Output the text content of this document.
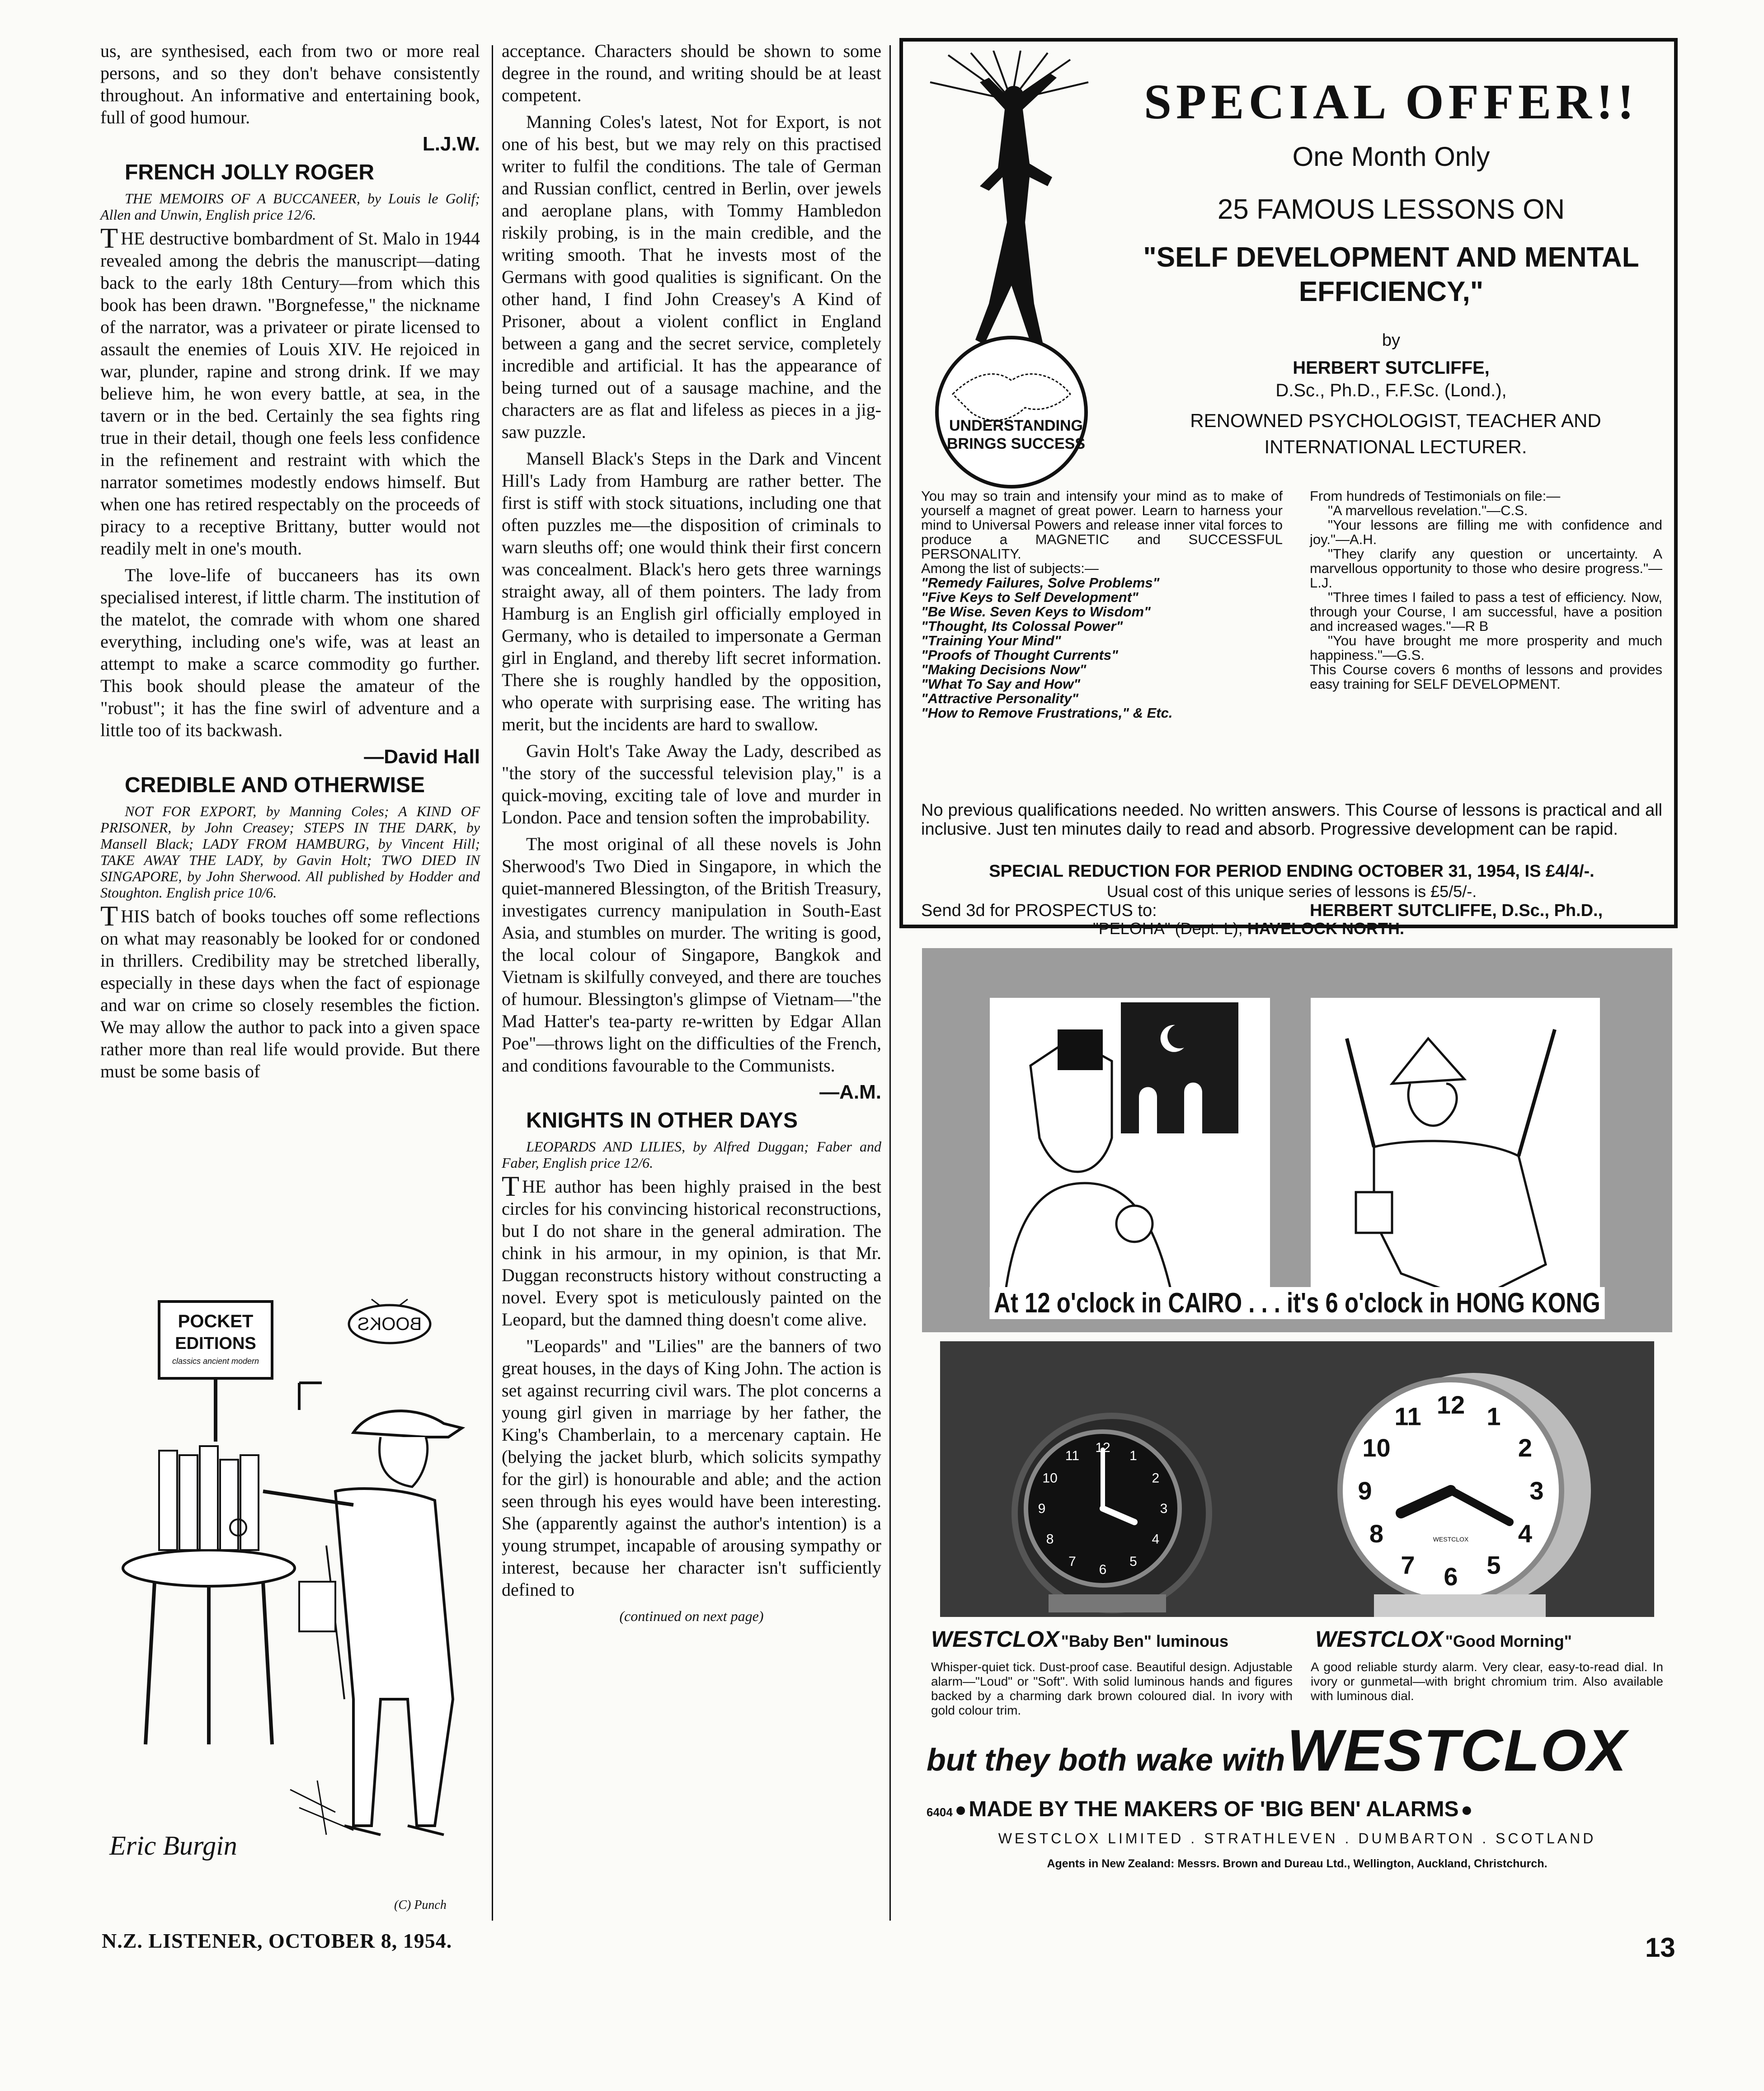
us, are synthesised, each from two or more real persons, and so they don't behave consistently throughout. An informative and entertaining book, full of good humour.

L.J.W.

FRENCH JOLLY ROGER

THE MEMOIRS OF A BUCCANEER, by Louis le Golif; Allen and Unwin, English price 12/6.

THE destructive bombardment of St. Malo in 1944 revealed among the debris the manuscript—dating back to the early 18th Century—from which this book has been drawn. "Borgnefesse," the nickname of the narrator, was a privateer or pirate licensed to assault the enemies of Louis XIV. He rejoiced in war, plunder, rapine and strong drink. If we may believe him, he won every battle, at sea, in the tavern or in the bed. Certainly the sea fights ring true in their detail, though one feels less confidence in the refinement and restraint with which the narrator sometimes modestly endows himself. But when one has retired respectably on the proceeds of piracy to a receptive Brittany, butter would not readily melt in one's mouth.

The love-life of buccaneers has its own specialised interest, if little charm. The institution of the matelot, the comrade with whom one shared everything, including one's wife, was at least an attempt to make a scarce commodity go further. This book should please the amateur of the "robust"; it has the fine swirl of adventure and a little too of its backwash.

—David Hall

CREDIBLE AND OTHERWISE

NOT FOR EXPORT, by Manning Coles; A KIND OF PRISONER, by John Creasey; STEPS IN THE DARK, by Mansell Black; LADY FROM HAMBURG, by Vincent Hill; TAKE AWAY THE LADY, by Gavin Holt; TWO DIED IN SINGAPORE, by John Sherwood. All published by Hodder and Stoughton. English price 10/6.

THIS batch of books touches off some reflections on what may reasonably be looked for or condoned in thrillers. Credibility may be stretched liberally, especially in these days when the fact of espionage and war on crime so closely resembles the fiction. We may allow the author to pack into a given space rather more than real life would provide. But there must be some basis of

POCKET
EDITIONS
classics ancient modern
BOOKS
Eric Burgin
(C) Punch

acceptance. Characters should be shown to some degree in the round, and writing should be at least competent.

Manning Coles's latest, Not for Export, is not one of his best, but we may rely on this practised writer to fulfil the conditions. The tale of German and Russian conflict, centred in Berlin, over jewels and aeroplane plans, with Tommy Hambledon riskily probing, is in the main credible, and the writing smooth. That he invests most of the Germans with good qualities is significant. On the other hand, I find John Creasey's A Kind of Prisoner, about a violent conflict in England between a gang and the secret service, completely incredible and artificial. It has the appearance of being turned out of a sausage machine, and the characters are as flat and lifeless as pieces in a jig-saw puzzle.

Mansell Black's Steps in the Dark and Vincent Hill's Lady from Hamburg are rather better. The first is stiff with stock situations, including one that often puzzles me—the disposition of criminals to warn sleuths off; one would think their first concern was concealment. Black's hero gets three warnings straight away, all of them pointers. The lady from Hamburg is an English girl officially employed in Germany, who is detailed to impersonate a German girl in England, and thereby lift secret information. There she is roughly handled by the opposition, who operate with surprising ease. The writing has merit, but the incidents are hard to swallow.

Gavin Holt's Take Away the Lady, described as "the story of the successful television play," is a quick-moving, exciting tale of love and murder in London. Pace and tension soften the improbability.

The most original of all these novels is John Sherwood's Two Died in Singapore, in which the quiet-mannered Blessington, of the British Treasury, investigates currency manipulation in South-East Asia, and stumbles on murder. The writing is good, the local colour of Singapore, Bangkok and Vietnam is skilfully conveyed, and there are touches of humour. Blessington's glimpse of Vietnam—"the Mad Hatter's tea-party re-written by Edgar Allan Poe"—throws light on the difficulties of the French, and conditions favourable to the Communists.

—A.M.

KNIGHTS IN OTHER DAYS

LEOPARDS AND LILIES, by Alfred Duggan; Faber and Faber, English price 12/6.

THE author has been highly praised in the best circles for his convincing historical reconstructions, but I do not share in the general admiration. The chink in his armour, in my opinion, is that Mr. Duggan reconstructs history without constructing a novel. Every spot is meticulously painted on the Leopard, but the damned thing doesn't come alive.

"Leopards" and "Lilies" are the banners of two great houses, in the days of King John. The action is set against recurring civil wars. The plot concerns a young girl given in marriage by her father, the King's Chamberlain, to a mercenary captain. He (belying the jacket blurb, which solicits sympathy for the girl) is honourable and able; and the action seen through his eyes would have been interesting. She (apparently against the author's intention) is a young strumpet, incapable of arousing sympathy or interest, because her character isn't sufficiently defined to

(continued on next page)

UNDERSTANDING BRINGS SUCCESS
SPECIAL OFFER!!
One Month Only
25 FAMOUS LESSONS ON
"SELF DEVELOPMENT AND MENTAL EFFICIENCY,"
by
HERBERT SUTCLIFFE,
D.Sc., Ph.D., F.F.Sc. (Lond.),
RENOWNED PSYCHOLOGIST, TEACHER AND INTERNATIONAL LECTURER.
You may so train and intensify your mind as to make of yourself a magnet of great power. Learn to harness your mind to Universal Powers and release inner vital forces to produce a MAGNETIC and SUCCESSFUL PERSONALITY.
Among the list of subjects:—
"Remedy Failures, Solve Problems"
"Five Keys to Self Development"
"Be Wise. Seven Keys to Wisdom"
"Thought, Its Colossal Power"
"Training Your Mind"
"Proofs of Thought Currents"
"Making Decisions Now"
"What To Say and How"
"Attractive Personality"
"How to Remove Frustrations," & Etc.
From hundreds of Testimonials on file:—
"A marvellous revelation."—C.S.
"Your lessons are filling me with confidence and joy."—A.H.
"They clarify any question or uncertainty. A marvellous opportunity to those who desire progress."—L.J.
"Three times I failed to pass a test of efficiency. Now, through your Course, I am successful, have a position and increased wages."—R B
"You have brought me more prosperity and much happiness."—G.S.
This Course covers 6 months of lessons and provides easy training for SELF DEVELOPMENT.
No previous qualifications needed. No written answers. This Course of lessons is practical and all inclusive. Just ten minutes daily to read and absorb. Progressive development can be rapid.
SPECIAL REDUCTION FOR PERIOD ENDING OCTOBER 31, 1954, IS £4/4/-.
Usual cost of this unique series of lessons is £5/5/-.
Send 3d for PROSPECTUS to:	HERBERT SUTCLIFFE, D.Sc., Ph.D.,
"PELOHA" (Dept. L), HAVELOCK NORTH.
12
1
2
3
4
5
6
7
8
9
10
11
12 1
2
3
4
5
6
7
8
9
10
11
WESTCLOX
At 12 o'clock in CAIRO . . . it's 6 o'clock in HONG KONG
WESTCLOX "Baby Ben" luminous
Whisper-quiet tick. Dust-proof case. Beautiful design. Adjustable alarm—"Loud" or "Soft". With solid luminous hands and figures backed by a charming dark brown coloured dial. In ivory with gold colour trim.
WESTCLOX "Good Morning"
A good reliable sturdy alarm. Very clear, easy-to-read dial. In ivory or gunmetal—with bright chromium trim. Also available with luminous dial.
but they both wake with WESTCLOX
6404 ● MADE BY THE MAKERS OF 'BIG BEN' ALARMS ●
WESTCLOX LIMITED . STRATHLEVEN . DUMBARTON . SCOTLAND
Agents in New Zealand: Messrs. Brown and Dureau Ltd., Wellington, Auckland, Christchurch.
N.Z. LISTENER, OCTOBER 8, 1954.	13
